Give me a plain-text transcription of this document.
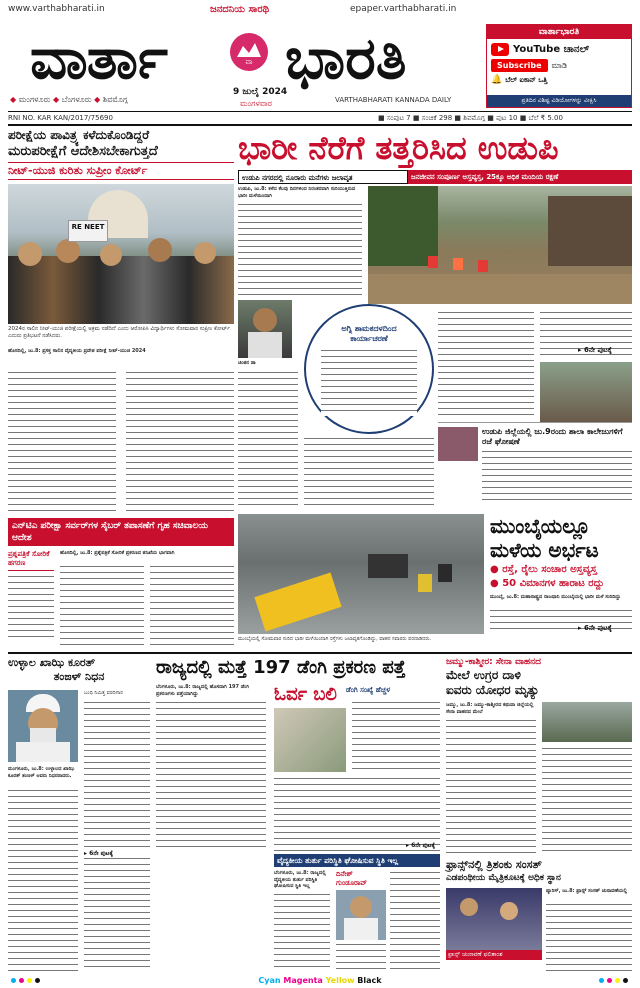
www.varthabharati.in	ಜನದನಿಯ ಸಾರಥಿ	epaper.varthabharati.in
ವಾರ್ತಾ	ವಾ ಭಾರತಿ
9 ಜುಲೈ 2024
ಮಂಗಳವಾರ
◆ ಮಂಗಳೂರು ◆ ಬೆಂಗಳೂರು ◆ ಶಿವಮೊಗ್ಗ	VARTHABHARATI KANNADA DAILY
ವಾರ್ತಾಭಾರತಿ
YouTube ಚಾನಲ್
Subscribe	ಮಾಡಿ
🔔 ಬೆಲ್ ಐಕಾನ್ ಒತ್ತಿ
ಪ್ರತಿದಿನ ವಿಶಿಷ್ಟ ವಿಡಿಯೋಗಳನ್ನು ವೀಕ್ಷಿಸಿ
RNI NO. KAR KAN/2017/75690	■ ಸಂಪುಟ 7 ■ ಸಂಚಿಕೆ 298 ■ ಶಿವಮೊಗ್ಗ ■ ಪುಟ 10 ■ ಬೆಲೆ ₹ 5.00
ಪರೀಕ್ಷೆಯ ಪಾವಿತ್ರ್ಯ ಕಳೆದುಕೊಂಡಿದ್ದರೆ
ಮರುಪರೀಕ್ಷೆಗೆ ಆದೇಶಿಸಬೇಕಾಗುತ್ತದೆ
ನೀಟ್-ಯುಜಿ ಕುರಿತು ಸುಪ್ರೀಂ ಕೋರ್ಟ್
RE NEET
2024ರ ಸಾಲಿನ ನೀಟ್-ಯುಜಿ ಪರೀಕ್ಷೆಯಲ್ಲಿ ಅಕ್ರಮ ನಡೆದಿದೆ ಎಂದು ಆರೋಪಿಸಿ ವಿದ್ಯಾರ್ಥಿಗಳು ಸೋಮವಾರ ಸುಪ್ರೀಂ ಕೋರ್ಟ್ ಎದುರು ಪ್ರತಿಭಟನೆ ನಡೆಸಿದರು.
ಹೊಸದಿಲ್ಲಿ, ಜು.8: ಪ್ರಸಕ್ತ ಸಾಲಿನ ವೈದ್ಯಕೀಯ ಪ್ರವೇಶ ಪರೀಕ್ಷೆ ನೀಟ್-ಯುಜಿ 2024
ಭಾರೀ ನೆರೆಗೆ ತತ್ತರಿಸಿದ ಉಡುಪಿ
ಉಡುಪಿ ನಗರದಲ್ಲಿ ನೂರಾರು ಮನೆಗಳು ಜಲಾವೃತ	ಜನಜೀವನ ಸಂಪೂರ್ಣ ಅಸ್ತವ್ಯಸ್ತ, 25ಕ್ಕೂ ಅಧಿಕ ಮಂದಿಯ ರಕ್ಷಣೆ
ಉಡುಪಿ, ಜು.8: ಕಳೆದ ಕೆಲವು ದಿನಗಳಿಂದ ನಿರಂತರವಾಗಿ ಸುರಿಯುತ್ತಿರುವ ಭಾರೀ ಮಳೆಯಿಂದಾಗಿ
ಅಗ್ನಿ ಶಾಮಕದಳದಿಂದ ಕಾರ್ಯಾಚರಣೆ
ಚಿಂತನ ಡಾ
▸ 6ನೇ ಪುಟಕ್ಕೆ
ಉಡುಪಿ ಜಿಲ್ಲೆಯಲ್ಲಿ ಜು.9ರಂದು ಶಾಲಾ ಕಾಲೇಜುಗಳಿಗೆ ರಜೆ ಘೋಷಣೆ
ಎನ್‌ಟಿಎ ಪರೀಕ್ಷಾ ಸರ್ವರ್‌ಗಳ ಸೈಬರ್ ತಪಾಸಣೆಗೆ ಗೃಹ ಸಚಿವಾಲಯ ಆದೇಶ
ಪ್ರಶ್ನಪತ್ರಿಕೆ ಸೋರಿಕೆ ಹಗರಣ
ಹೊಸದಿಲ್ಲಿ, ಜು.8: ಪ್ರಶ್ನೆಪತ್ರಿಕೆ ಸೋರಿಕೆ ಪ್ರಕರಣದ ತನಿಖೆಯ ಭಾಗವಾಗಿ
ಮುಂಬೈಯಲ್ಲಿ ಸೋಮವಾರ ಸುರಿದ ಭಾರೀ ಮಳೆಯಿಂದಾಗಿ ರಸ್ತೆಗಳು ಜಲಾವೃತಗೊಂಡಿದ್ದು, ವಾಹನ ಸವಾರರು ಪರದಾಡಿದರು.
ಮುಂಬೈಯಲ್ಲೂ
ಮಳೆಯ ಅರ್ಭಟ
● ರಸ್ತೆ, ರೈಲು ಸಂಚಾರ ಅಸ್ತವ್ಯಸ್ತ
● 50 ವಿಮಾನಗಳ ಹಾರಾಟ ರದ್ದು
ಮುಂಬೈ, ಜು.8: ಮಹಾರಾಷ್ಟ್ರದ ರಾಜಧಾನಿ ಮುಂಬೈಯಲ್ಲಿ ಭಾರೀ ಮಳೆ ಸುರಿದಿದ್ದು
▸ 6ನೇ ಪುಟಕ್ಕೆ
ಉಳ್ಳಾಲ ಖಾಝಿ ಕೂರತ್
ತಂಙಳ್ ನಿಧನ
ಬಂಧಿ ನಿಮಿತ್ತ ವರದಿಗಾರ
ಮಂಗಳೂರು, ಜು.8: ಉಳ್ಳಾಲದ ಖಾಝಿ ಕೂರತ್ ತಂಙಳ್ ಅವರು ನಿಧನರಾದರು.
▸ 6ನೇ ಪುಟಕ್ಕೆ
ರಾಜ್ಯದಲ್ಲಿ ಮತ್ತೆ 197 ಡೆಂಗಿ ಪ್ರಕರಣ ಪತ್ತೆ
ಬೆಂಗಳೂರು, ಜು.8: ರಾಜ್ಯದಲ್ಲಿ ಹೊಸದಾಗಿ 197 ಡೆಂಗಿ ಪ್ರಕರಣಗಳು ಪತ್ತೆಯಾಗಿದ್ದು	ಓರ್ವ ಬಲಿ ಡೆಂಗಿ ಸಂಖ್ಯೆ ಹೆಚ್ಚಳ
▸ 6ನೇ ಪುಟಕ್ಕೆ
ವೈದ್ಯಕೀಯ ತುರ್ತು ಪರಿಸ್ಥಿತಿ ಘೋಷಿಸುವ ಸ್ಥಿತಿ ಇಲ್ಲ
ಬೆಂಗಳೂರು, ಜು.8: ರಾಜ್ಯದಲ್ಲಿ ವೈದ್ಯಕೀಯ ತುರ್ತು ಪರಿಸ್ಥಿತಿ ಘೋಷಿಸುವ ಸ್ಥಿತಿ ಇಲ್ಲ
ದಿನೇಶ್ ಗುಂಡೂರಾವ್
ಜಮ್ಮು-ಕಾಶ್ಮೀರ: ಸೇನಾ ವಾಹನದ
ಮೇಲೆ ಉಗ್ರರ ದಾಳಿ
ಐವರು ಯೋಧರ ಮೃತ್ಯು
ಜಮ್ಮು, ಜು.8: ಜಮ್ಮು-ಕಾಶ್ಮೀರದ ಕಥುವಾ ಜಿಲ್ಲೆಯಲ್ಲಿ ಸೇನಾ ವಾಹನದ ಮೇಲೆ
ಫ್ರಾನ್ಸ್‌ನಲ್ಲಿ ತ್ರಿಶಂಕು ಸಂಸತ್
ಎಡಪಂಥೀಯ ಮೈತ್ರಿಕೂಟಕ್ಕೆ ಅಧಿಕ ಸ್ಥಾನ
ಫ್ರಾನ್ಸ್ ಚುನಾವಣೆ ಫಲಿತಾಂಶ
ಪ್ಯಾರಿಸ್, ಜು.8: ಫ್ರಾನ್ಸ್ ಸಂಸತ್ ಚುನಾವಣೆಯಲ್ಲಿ
Cyan Magenta Yellow Black
